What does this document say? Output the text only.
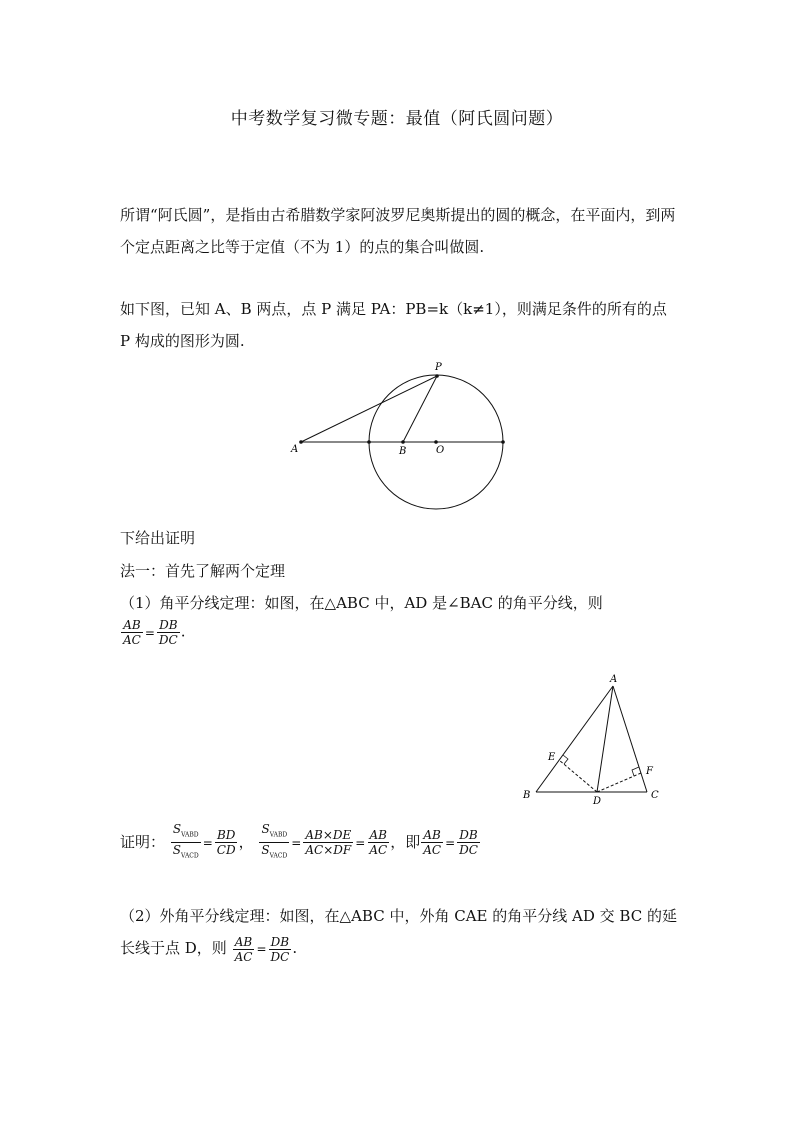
中考数学复习微专题：最值（阿氏圆问题）
所谓“阿氏圆”，是指由古希腊数学家阿波罗尼奥斯提出的圆的概念，在平面内，到两个定点距离之比等于定值（不为 1）的点的集合叫做圆.
如下图，已知 A、B 两点，点 P 满足 PA：PB=k（k≠1），则满足条件的所有的点 P 构成的图形为圆.
A	B	O
P
下给出证明
法一：首先了解两个定理
（1）角平分线定理：如图，在△ABC 中，AD 是∠BAC 的角平分线，则
$\frac{AB}{AC} = \frac{DB}{DC}$ .
A
B	C
D
E
F
证明： $\frac{S_{VABD}}{S_{VACD}} = \frac{BD}{CD}$ ， $\frac{S_{VABD}}{S_{VACD}} = \frac{AB\times DE}{AC\times DF} = \frac{AB}{AC}$ ，即 $\frac{AB}{AC} = \frac{DB}{DC}$
（2）外角平分线定理：如图，在△ABC 中，外角 CAE 的角平分线 AD 交 BC 的延长线于点 D，则 $\frac{AB}{AC} = \frac{DB}{DC}$ .
